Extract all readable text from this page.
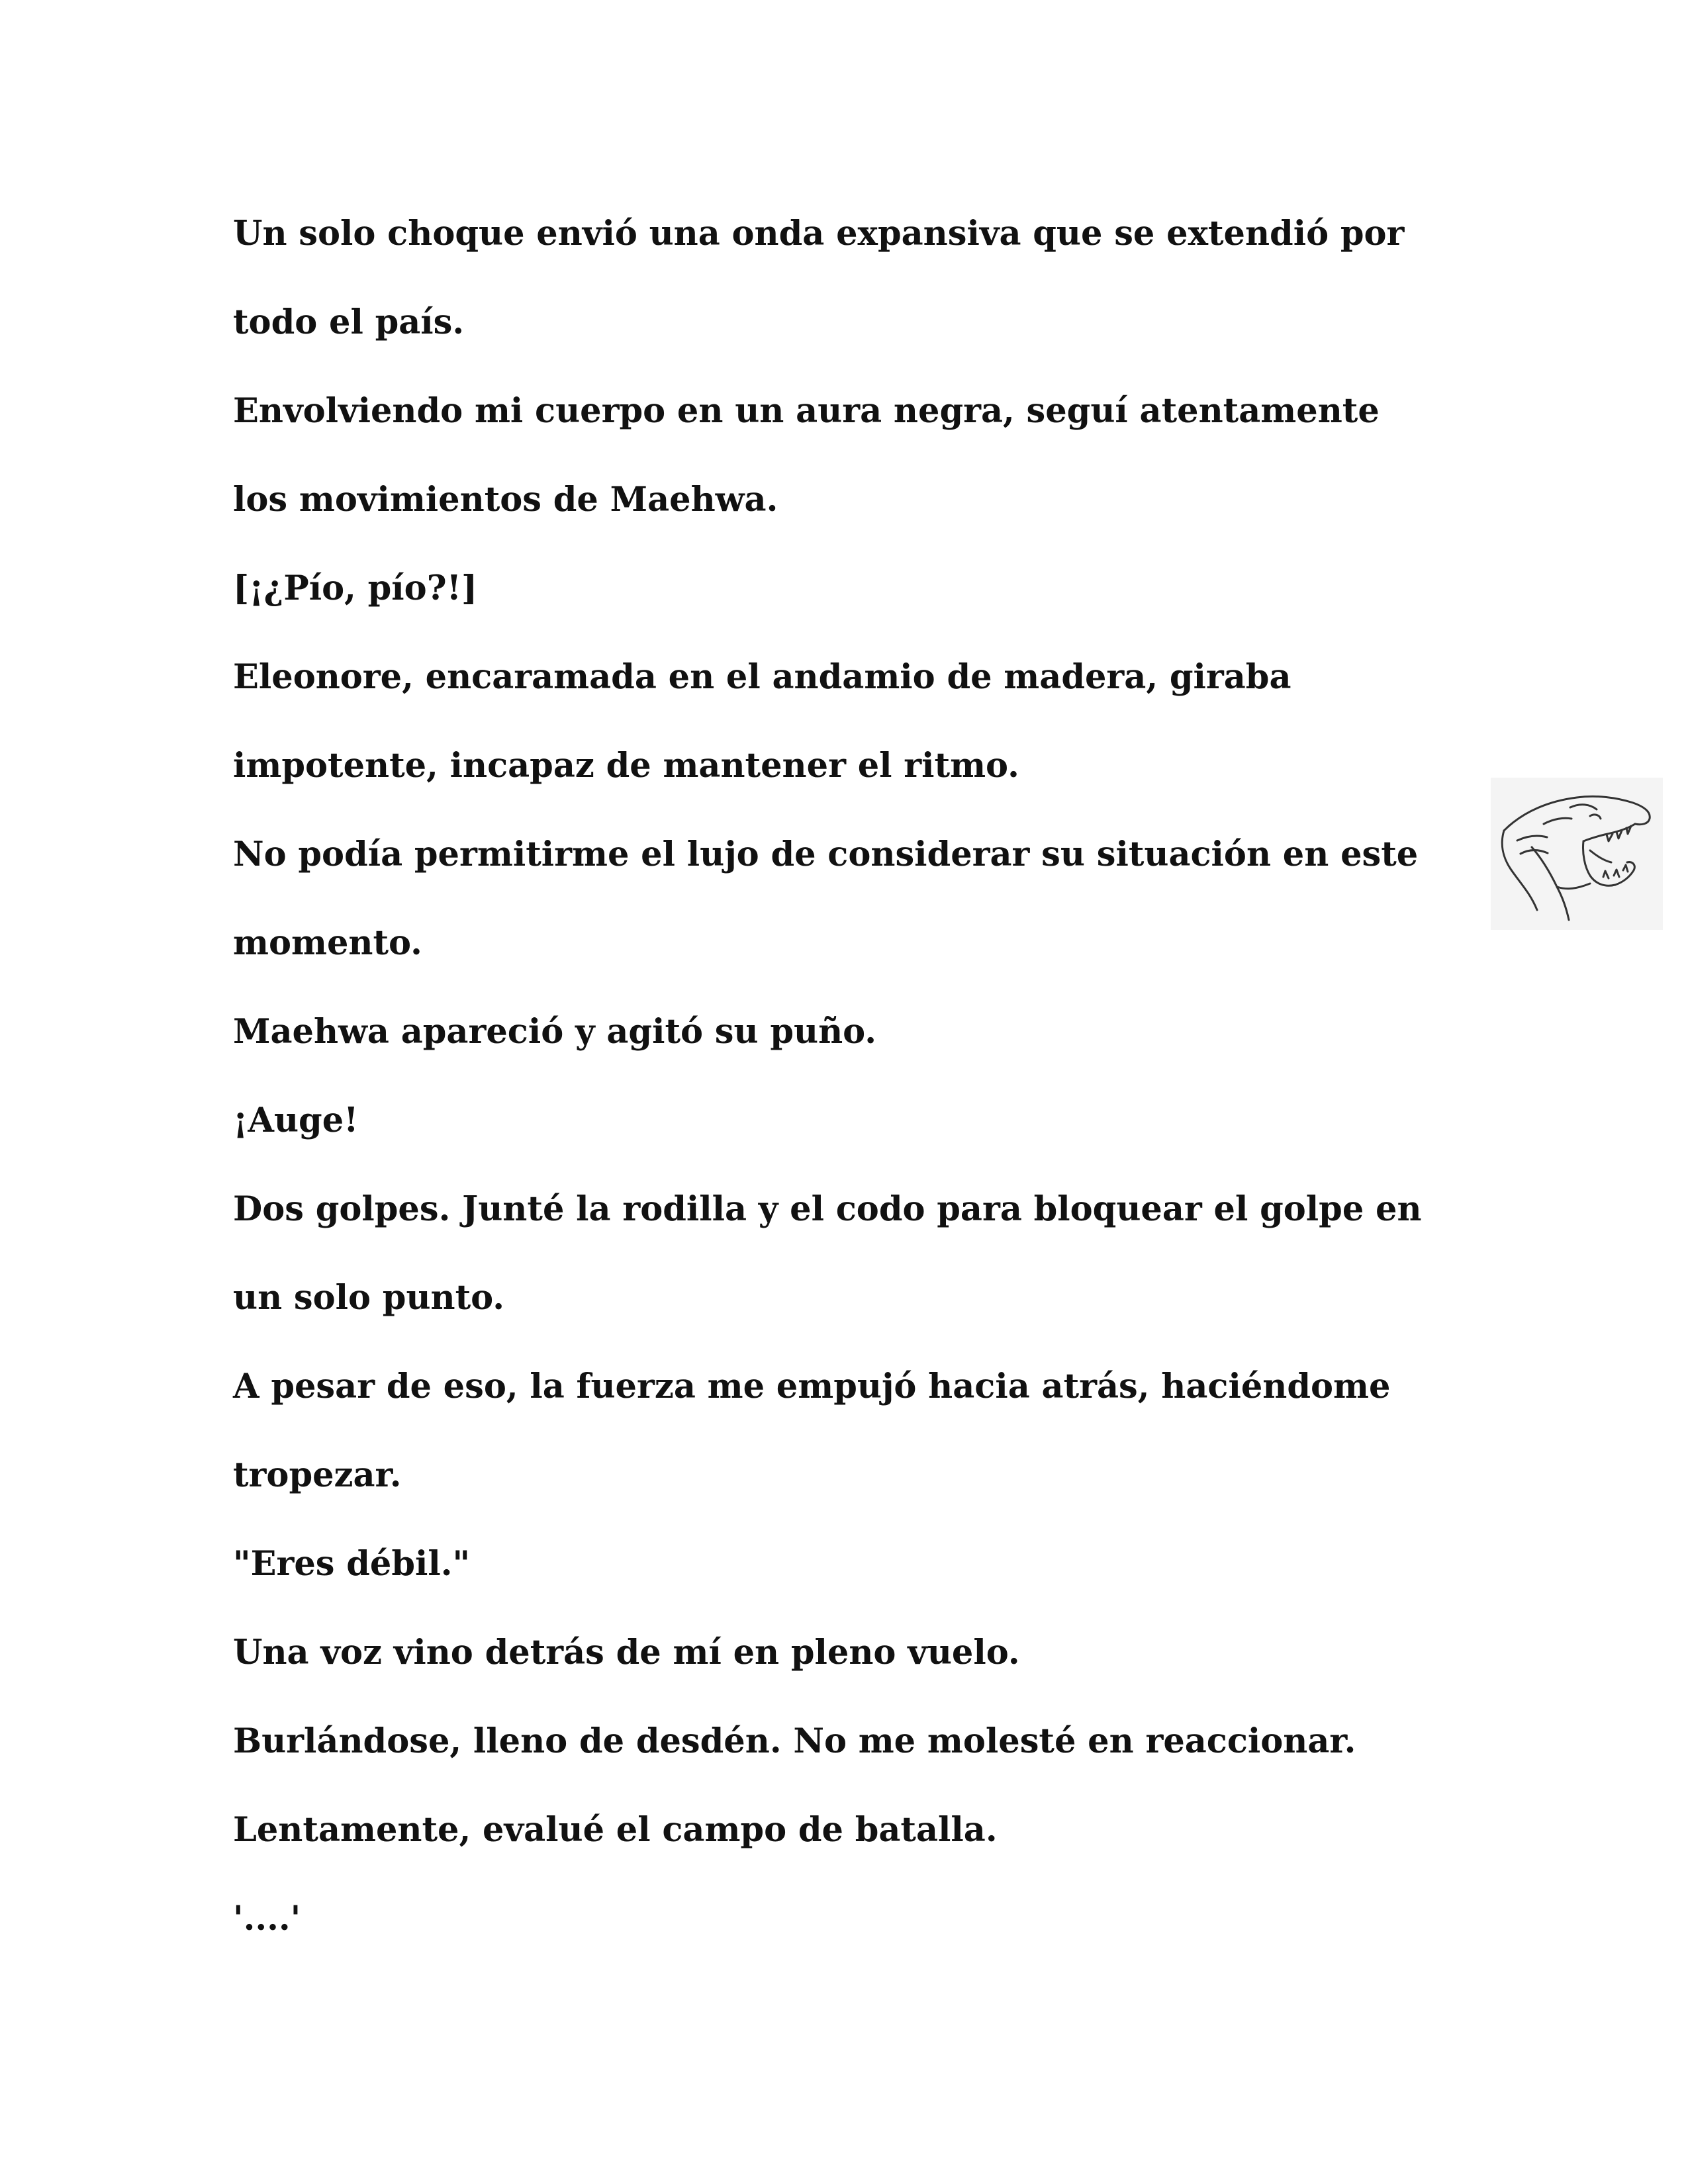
Un solo choque envió una onda expansiva que se extendió por
todo el país.
Envolviendo mi cuerpo en un aura negra, seguí atentamente
los movimientos de Maehwa.
[¡¿Pío, pío?!]
Eleonore, encaramada en el andamio de madera, giraba
impotente, incapaz de mantener el ritmo.
No podía permitirme el lujo de considerar su situación en este
momento.
Maehwa apareció y agitó su puño.
¡Auge!
Dos golpes. Junté la rodilla y el codo para bloquear el golpe en
un solo punto.
A pesar de eso, la fuerza me empujó hacia atrás, haciéndome
tropezar.
"Eres débil."
Una voz vino detrás de mí en pleno vuelo.
Burlándose, lleno de desdén. No me molesté en reaccionar.
Lentamente, evalué el campo de batalla.
'....'
